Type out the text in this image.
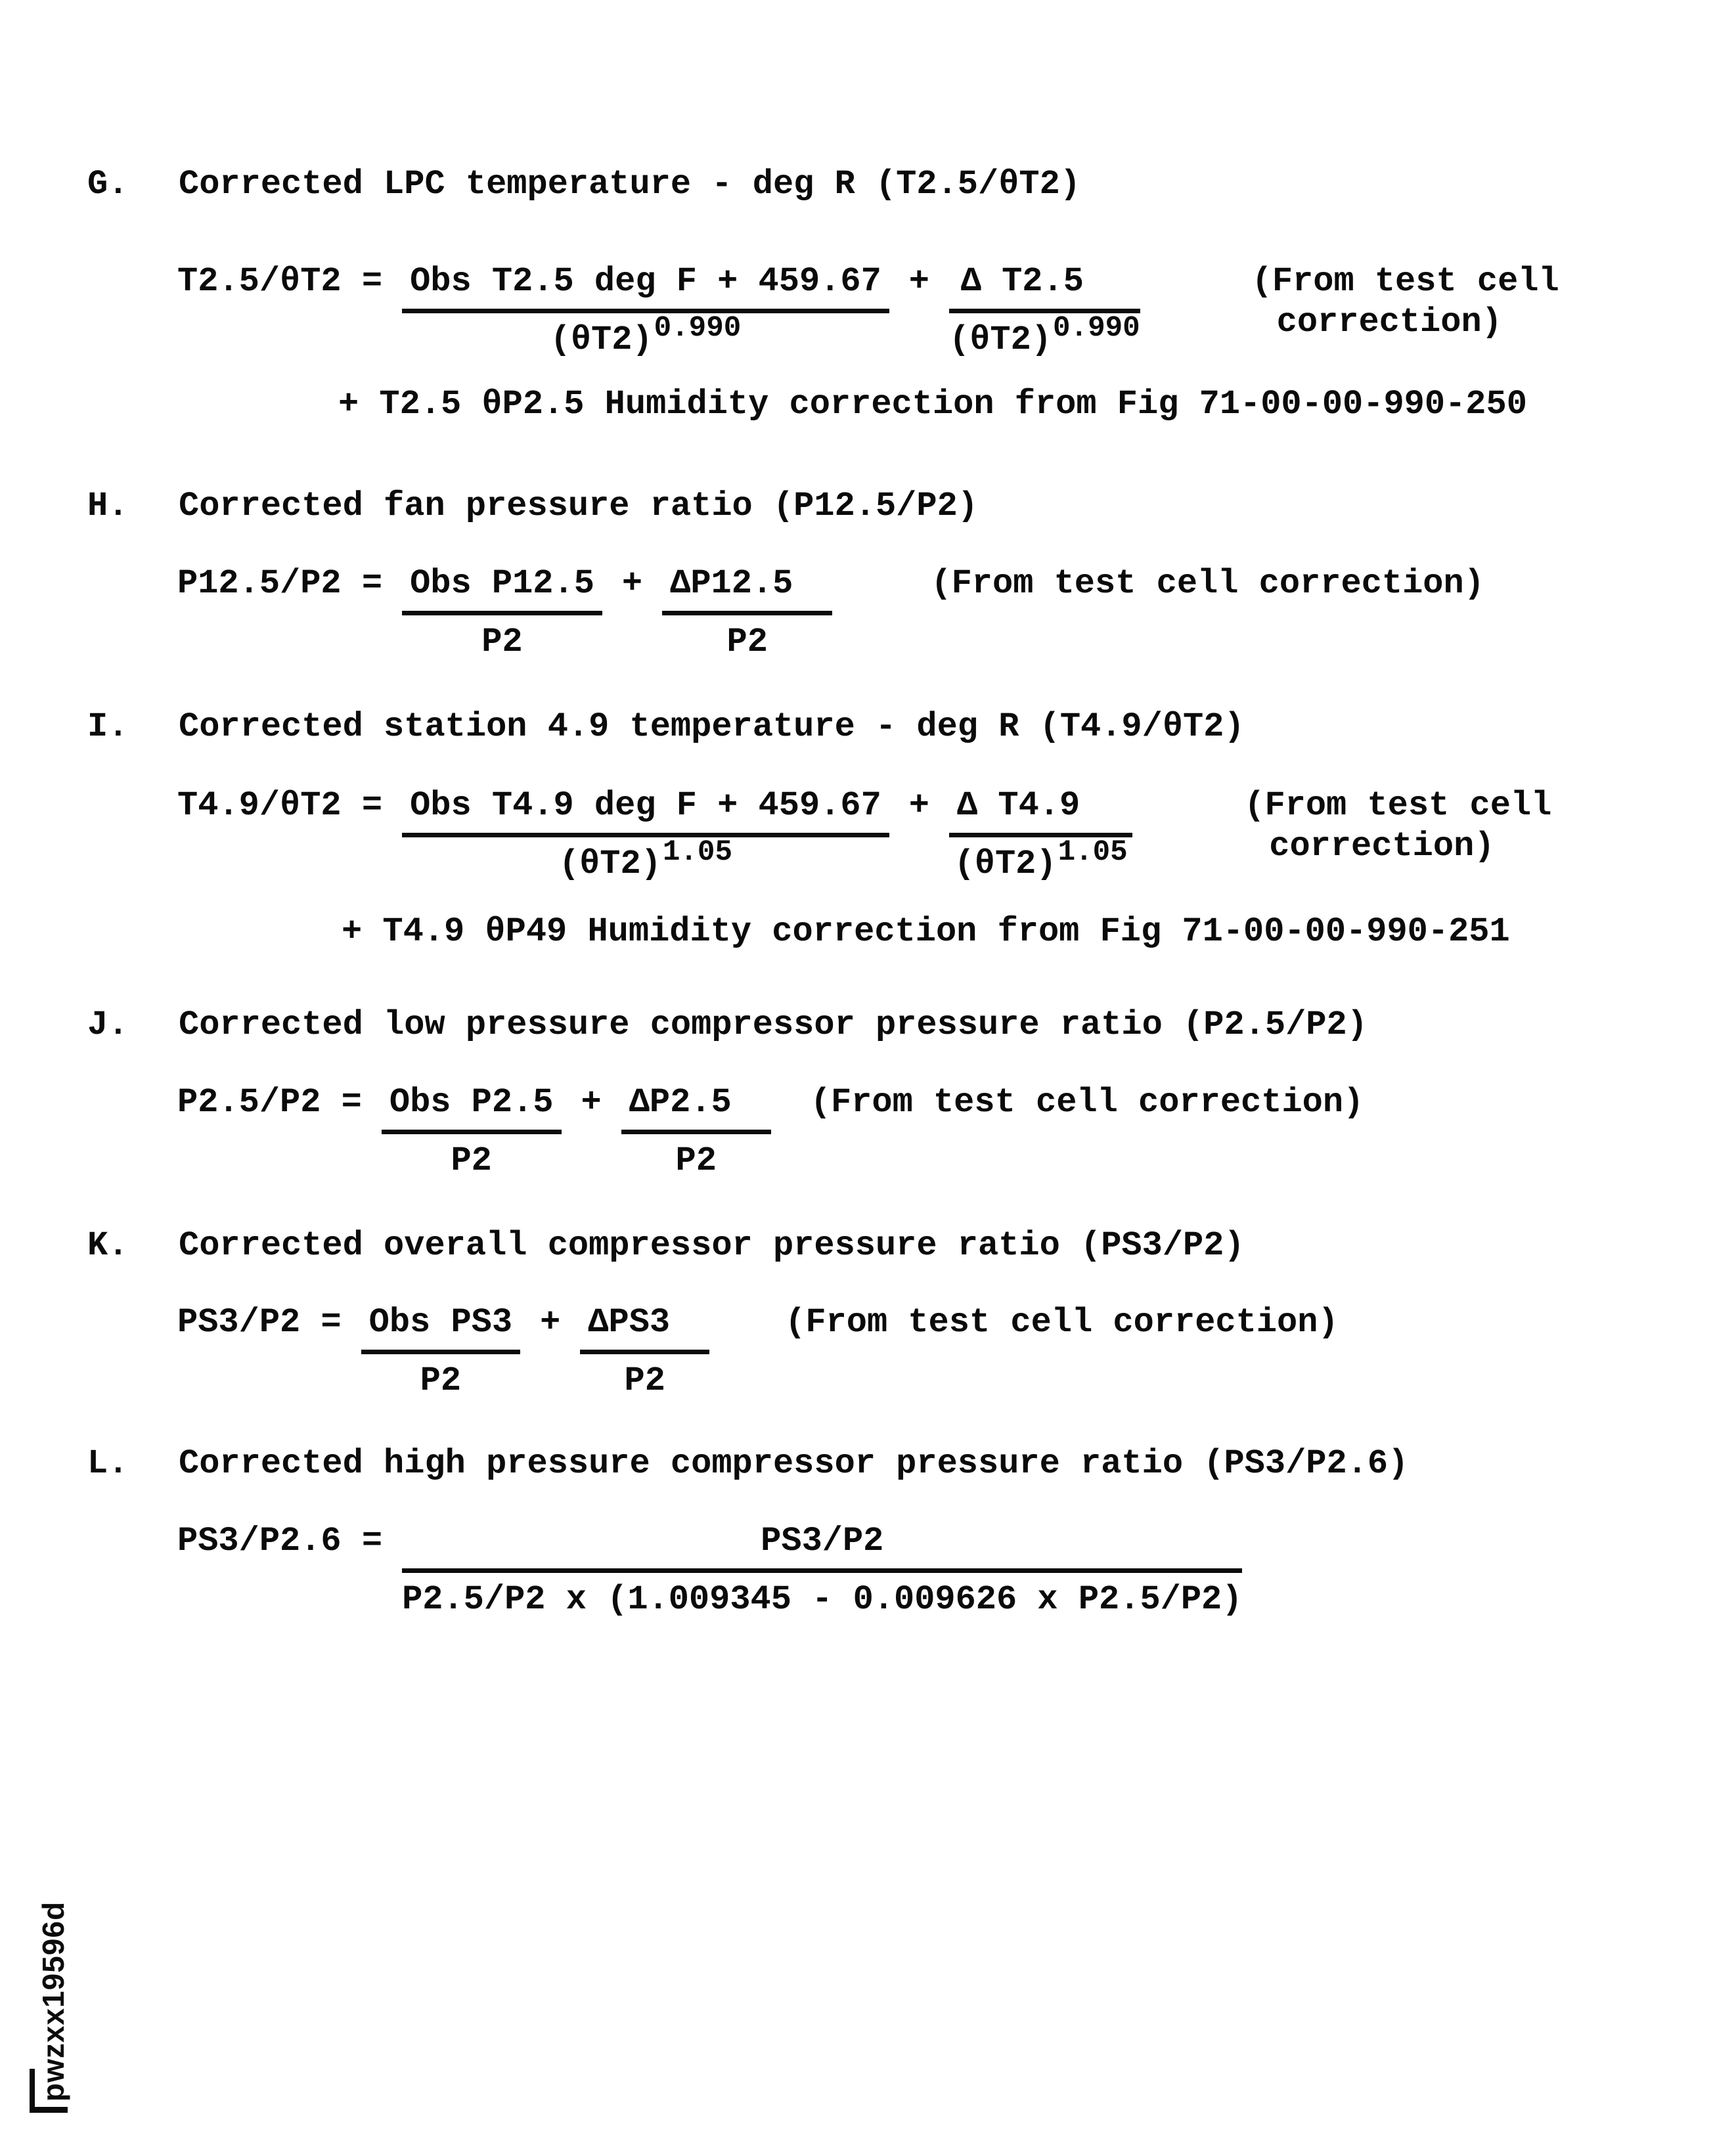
G. Corrected LPC temperature - deg R (T2.5/θT2)
$T2.5/\theta T2 = \frac{\text{Obs T2.5 deg F + 459.67}}{(\theta T2)0.990} + \frac{\text{Δ T2.5}}{(\theta T2)0.990}$	(From test cell
correction)
+ T2.5 θP2.5 Humidity correction from Fig 71-00-00-990-250
H. Corrected fan pressure ratio (P12.5/P2)
$P12.5/P2 = \frac{\text{Obs P12.5}}{P2} + \frac{\Delta P12.5}{P2}$	(From test cell correction)
I. Corrected station 4.9 temperature - deg R (T4.9/θT2)
$T4.9/\theta T2 = \frac{\text{Obs T4.9 deg F + 459.67}}{(\theta T2)1.05} + \frac{\text{Δ T4.9}}{(\theta T2)1.05}$	(From test cell
correction)
+ T4.9 θP49 Humidity correction from Fig 71-00-00-990-251
J. Corrected low pressure compressor pressure ratio (P2.5/P2)
$P2.5/P2 = \frac{\text{Obs P2.5}}{P2} + \frac{\Delta P2.5}{P2}$ (From test cell correction)
K. Corrected overall compressor pressure ratio (PS3/P2)
$PS3/P2 = \frac{\text{Obs PS3}}{P2} + \frac{\text{ΔPS3}}{P2}$ (From test cell correction)
L. Corrected high pressure compressor pressure ratio (PS3/P2.6)
$PS3/P2.6 = \frac{PS3/P2}{\text{P2.5/P2 x (1.009345 - 0.009626 x P2.5/P2)}}$
pwzxx19596d
